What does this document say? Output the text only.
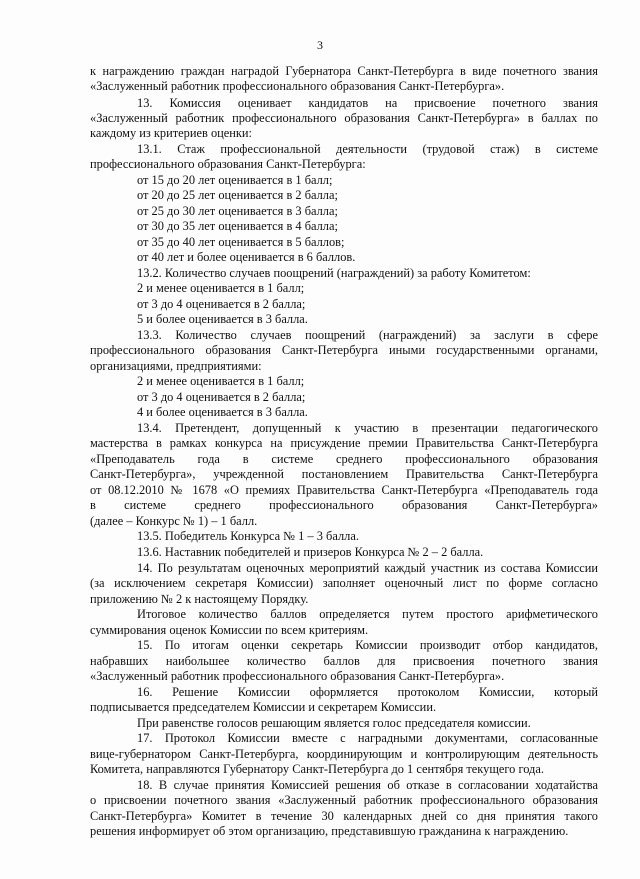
3
к награждению граждан наградой Губернатора Санкт-Петербурга в виде почетного звания
«Заслуженный работник профессионального образования Санкт-Петербурга».
13. Комиссия оценивает кандидатов на присвоение почетного звания
«Заслуженный работник профессионального образования Санкт-Петербурга» в баллах по
каждому из критериев оценки:
13.1. Стаж профессиональной деятельности (трудовой стаж) в системе
профессионального образования Санкт-Петербурга:
от 15 до 20 лет оценивается в 1 балл;
от 20 до 25 лет оценивается в 2 балла;
от 25 до 30 лет оценивается в 3 балла;
от 30 до 35 лет оценивается в 4 балла;
от 35 до 40 лет оценивается в 5 баллов;
от 40 лет и более оценивается в 6 баллов.
13.2. Количество случаев поощрений (награждений) за работу Комитетом:
2 и менее оценивается в 1 балл;
от 3 до 4 оценивается в 2 балла;
5 и более оценивается в 3 балла.
13.3. Количество случаев поощрений (награждений) за заслуги в сфере
профессионального образования Санкт-Петербурга иными государственными органами,
организациями, предприятиями:
2 и менее оценивается в 1 балл;
от 3 до 4 оценивается в 2 балла;
4 и более оценивается в 3 балла.
13.4. Претендент, допущенный к участию в презентации педагогического
мастерства в рамках конкурса на присуждение премии Правительства Санкт-Петербурга
«Преподаватель года в системе среднего профессионального образования
Санкт-Петербурга», учрежденной постановлением Правительства Санкт-Петербурга
от 08.12.2010 № 1678 «О премиях Правительства Санкт-Петербурга «Преподаватель года
в системе среднего профессионального образования Санкт-Петербурга»
(далее – Конкурс № 1) – 1 балл.
13.5. Победитель Конкурса № 1 – 3 балла.
13.6. Наставник победителей и призеров Конкурса № 2 – 2 балла.
14. По результатам оценочных мероприятий каждый участник из состава Комиссии
(за исключением секретаря Комиссии) заполняет оценочный лист по форме согласно
приложению № 2 к настоящему Порядку.
Итоговое количество баллов определяется путем простого арифметического
суммирования оценок Комиссии по всем критериям.
15. По итогам оценки секретарь Комиссии производит отбор кандидатов,
набравших наибольшее количество баллов для присвоения почетного звания
«Заслуженный работник профессионального образования Санкт-Петербурга».
16. Решение Комиссии оформляется протоколом Комиссии, который
подписывается председателем Комиссии и секретарем Комиссии.
При равенстве голосов решающим является голос председателя комиссии.
17. Протокол Комиссии вместе с наградными документами, согласованные
вице-губернатором Санкт-Петербурга, координирующим и контролирующим деятельность
Комитета, направляются Губернатору Санкт-Петербурга до 1 сентября текущего года.
18. В случае принятия Комиссией решения об отказе в согласовании ходатайства
о присвоении почетного звания «Заслуженный работник профессионального образования
Санкт-Петербурга» Комитет в течение 30 календарных дней со дня принятия такого
решения информирует об этом организацию, представившую гражданина к награждению.
